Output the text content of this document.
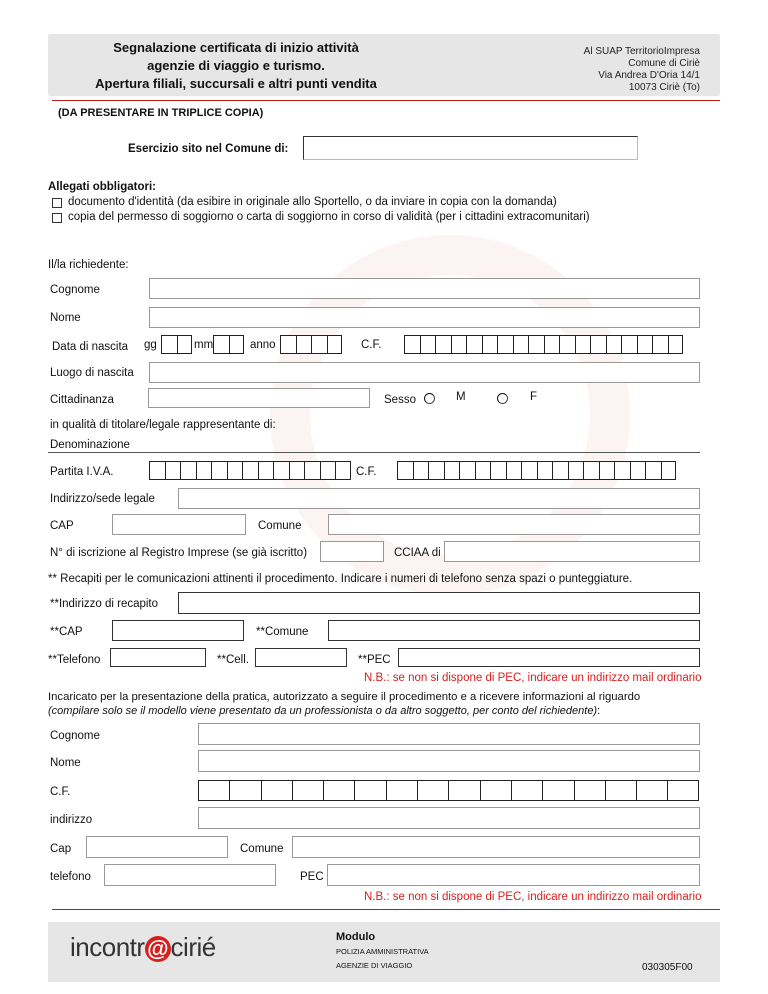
Segnalazione certificata di inizio attività
agenzie di viaggio e turismo.
Apertura filiali, succursali e altri punti vendita
Al SUAP TerritorioImpresa
Comune di Ciriè
Via Andrea D'Oria 14/1
10073 Ciriè (To)
(DA PRESENTARE IN TRIPLICE COPIA)
Esercizio sito nel Comune di:
Allegati obbligatori:
documento d'identità (da esibire in originale allo Sportello, o da inviare in copia con la domanda)
copia del permesso di soggiorno o carta di soggiorno in corso di validità (per i cittadini extracomunitari)
Il/la richiedente:
Cognome
Nome
Data di nascita gg	mm	anno	C.F.
Luogo di nascita
Cittadinanza	Sesso	M	F
in qualità di titolare/legale rappresentante di:
Denominazione
Partita I.V.A.	C.F.
Indirizzo/sede legale
CAP	Comune
N° di iscrizione al Registro Imprese (se già iscritto)	CCIAA di
** Recapiti per le comunicazioni attinenti il procedimento. Indicare i numeri di telefono senza spazi o punteggiature.
**Indirizzo di recapito
**CAP	**Comune
**Telefono	**Cell.	**PEC
N.B.: se non si dispone di PEC, indicare un indirizzo mail ordinario
Incaricato per la presentazione della pratica, autorizzato a seguire il procedimento e a ricevere informazioni al riguardo
(compilare solo se il modello viene presentato da un professionista o da altro soggetto, per conto del richiedente):
Cognome
Nome
C.F.
indirizzo
Cap	Comune
telefono	PEC
N.B.: se non si dispone di PEC, indicare un indirizzo mail ordinario
incontr @cirié	Modulo
POLIZIA AMMINISTRATIVA
AGENZIE DI VIAGGIO	030305F00
